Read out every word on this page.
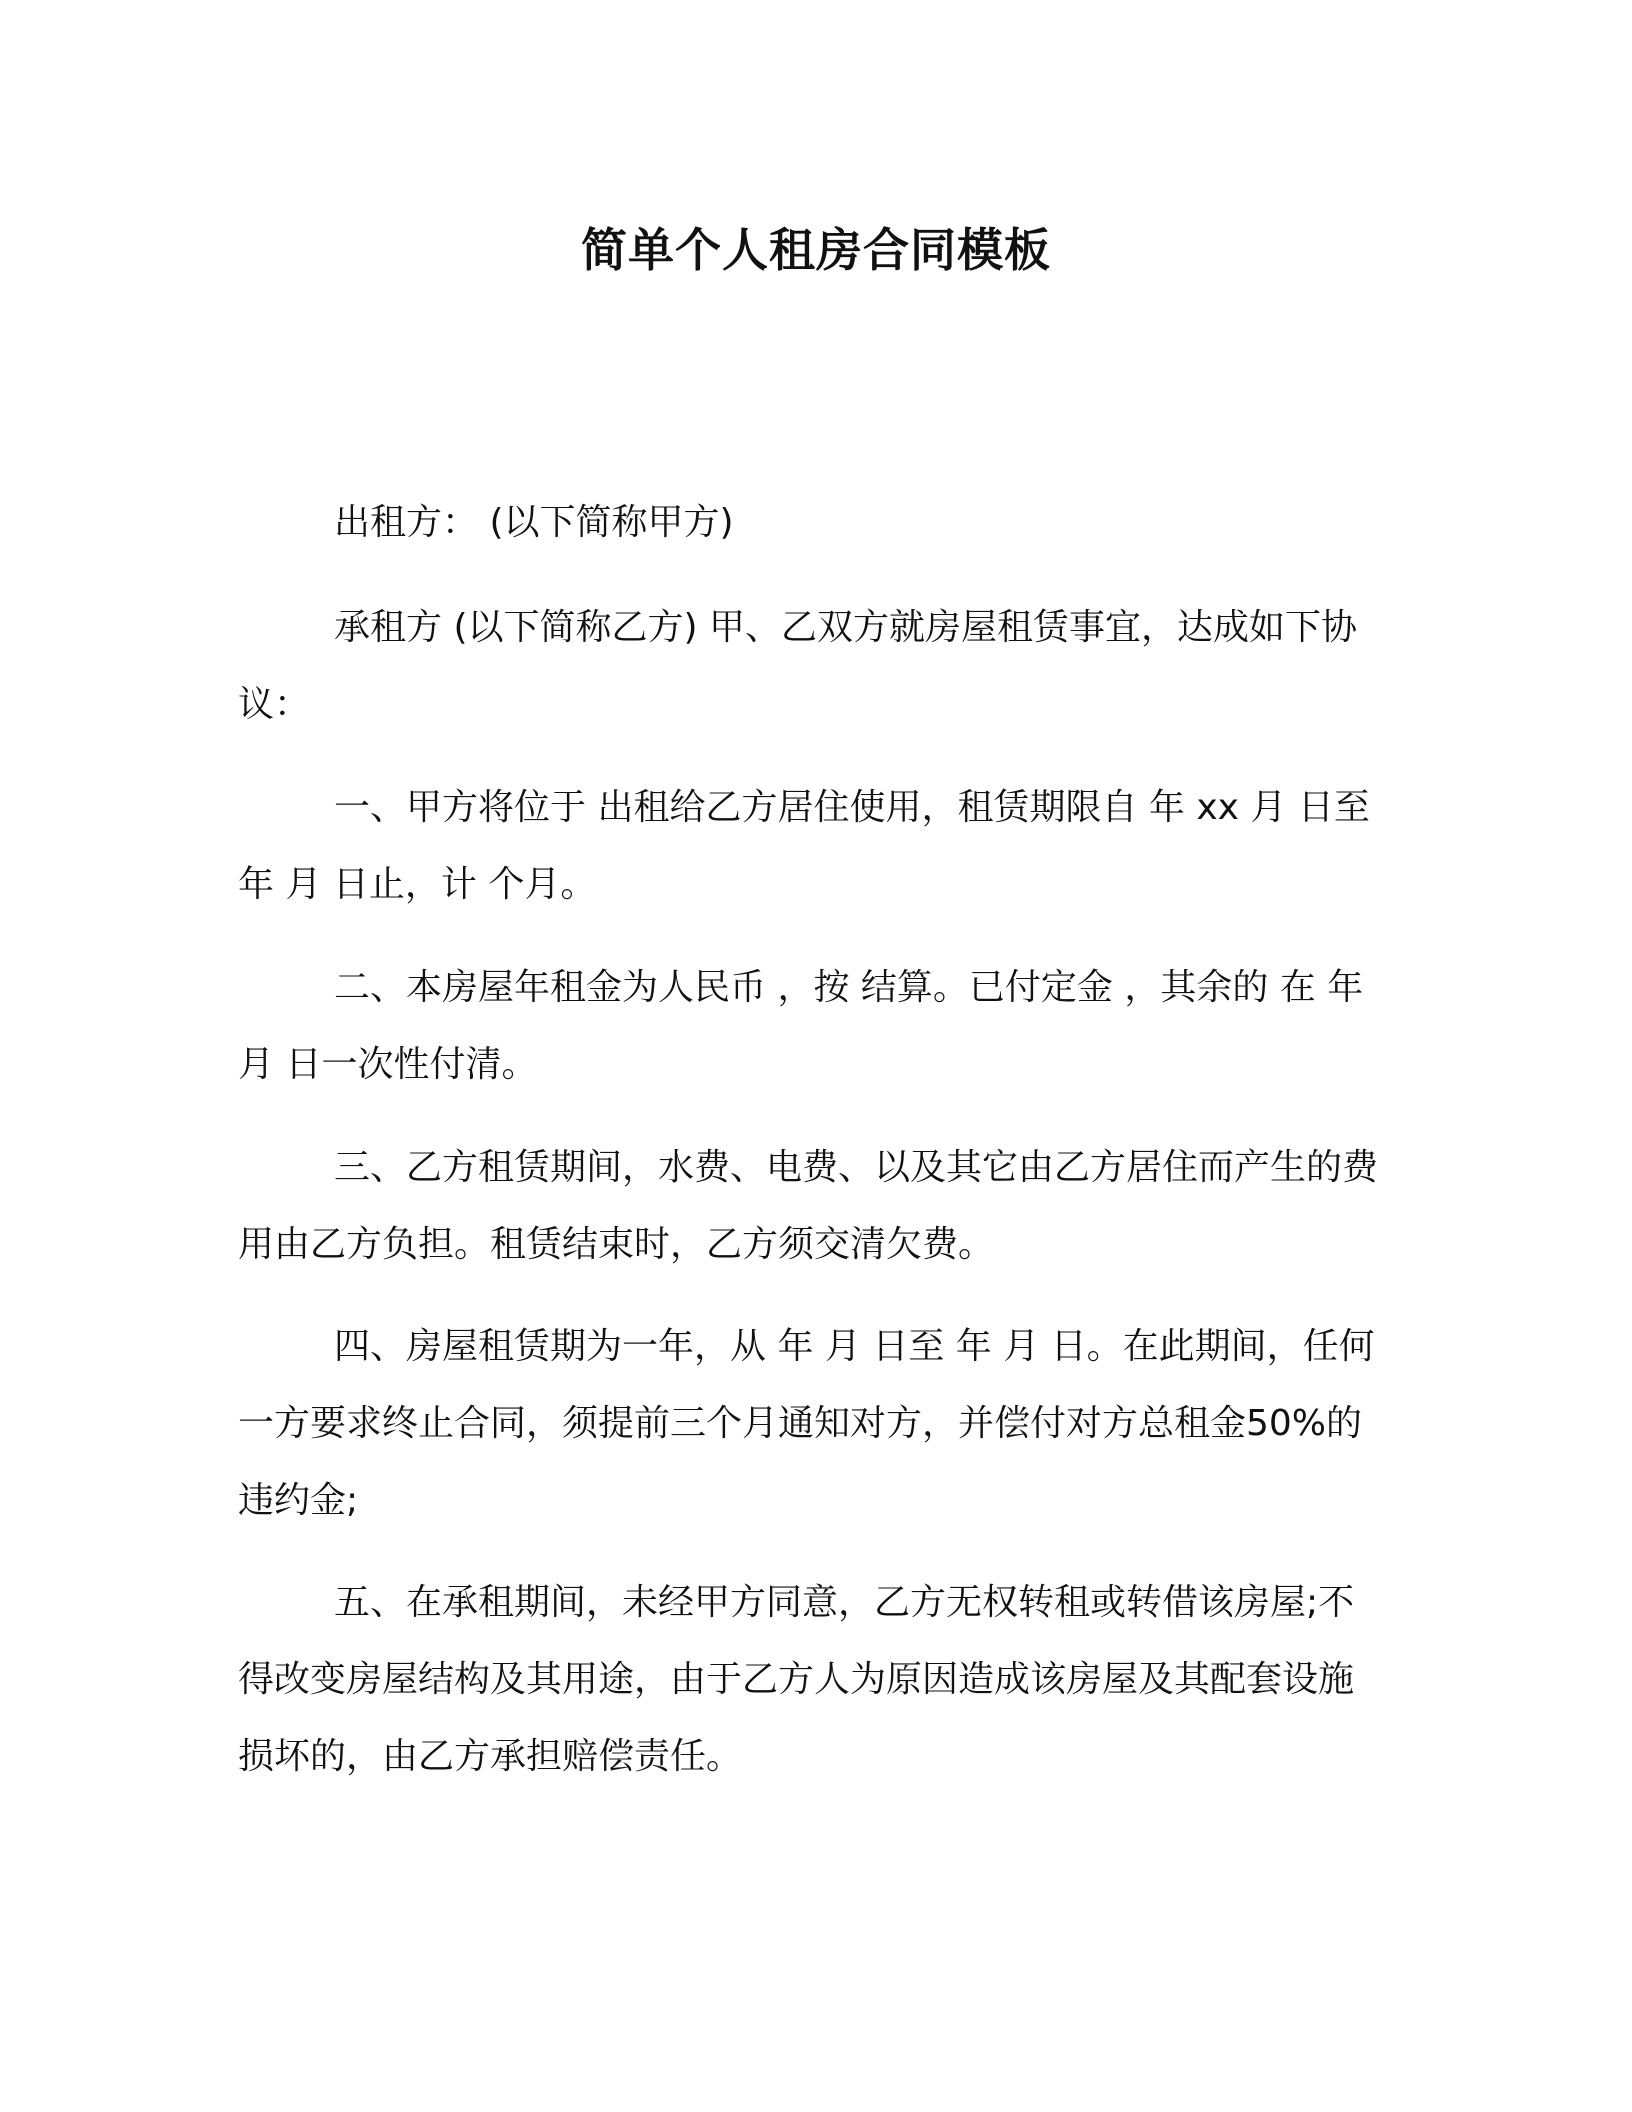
简单个人租房合同模板

出租方： (以下简称甲方)

承租方 (以下简称乙方) 甲、乙双方就房屋租赁事宜，达成如下协议：

一、甲方将位于 出租给乙方居住使用，租赁期限自 年 xx 月 日至 年 月 日止，计 个月。

二、本房屋年租金为人民币 ，按 结算。已付定金 ，其余的 在 年 月 日一次性付清。

三、乙方租赁期间，水费、电费、以及其它由乙方居住而产生的费用由乙方负担。租赁结束时，乙方须交清欠费。

四、房屋租赁期为一年，从 年 月 日至 年 月 日。在此期间，任何一方要求终止合同，须提前三个月通知对方，并偿付对方总租金50%的违约金;

五、在承租期间，未经甲方同意，乙方无权转租或转借该房屋;不得改变房屋结构及其用途，由于乙方人为原因造成该房屋及其配套设施损坏的，由乙方承担赔偿责任。
